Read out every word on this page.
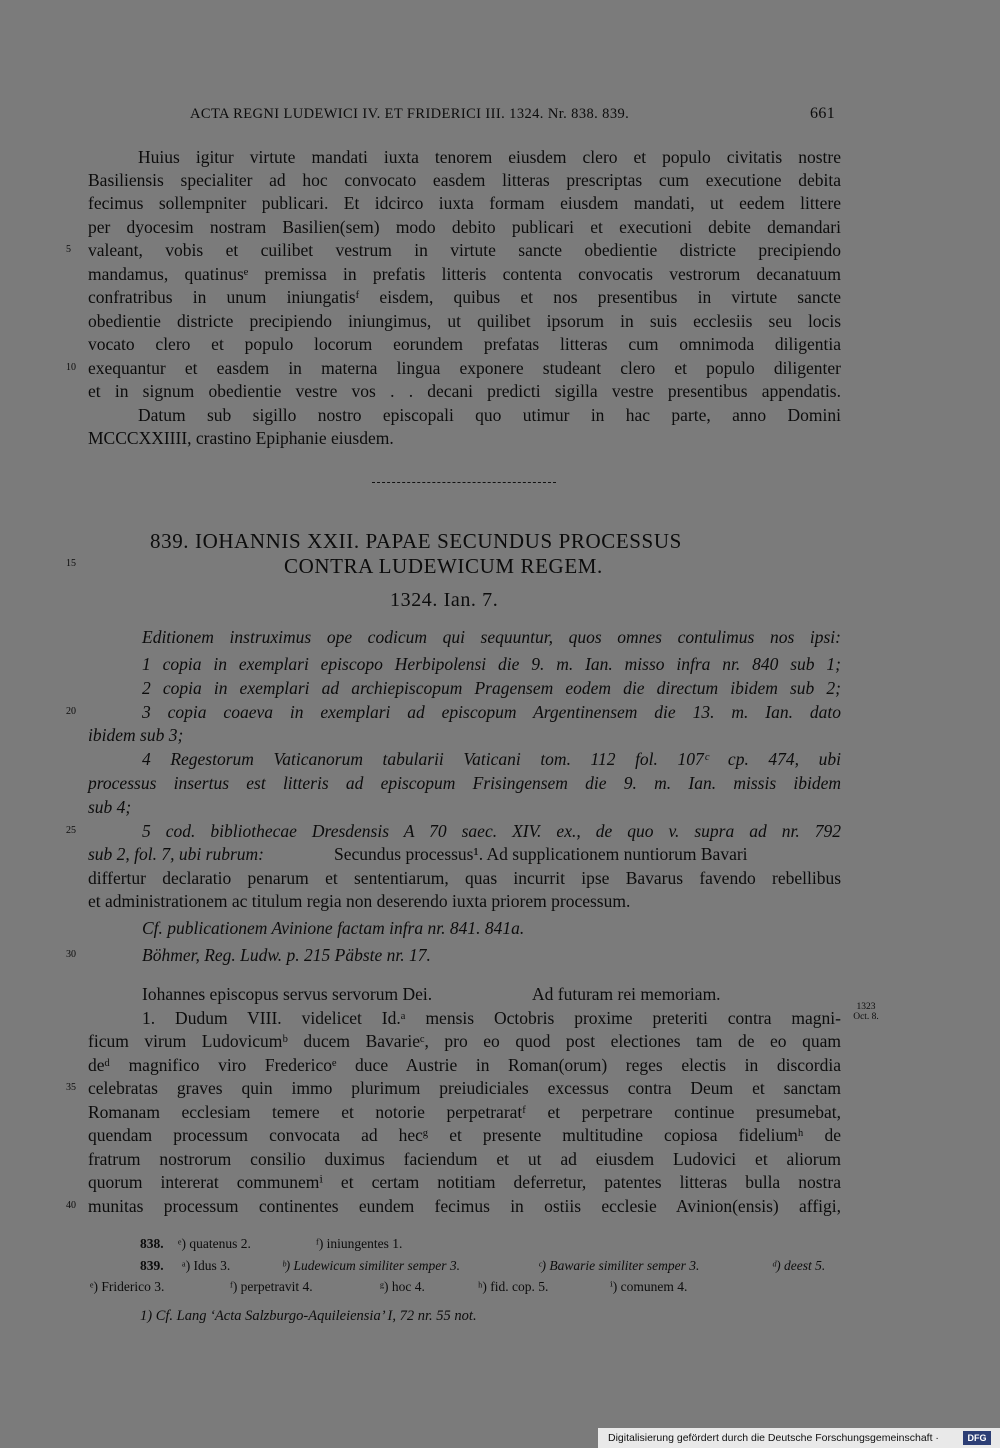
ACTA REGNI LUDEWICI IV. ET FRIDERICI III. 1324. Nr. 838. 839.	661
Huius igitur virtute mandati iuxta tenorem eiusdem clero et populo civitatis nostre
Basiliensis specialiter ad hoc convocato easdem litteras prescriptas cum executione debita
fecimus sollempniter publicari. Et idcirco iuxta formam eiusdem mandati, ut eedem littere
per dyocesim nostram Basilien(sem) modo debito publicari et executioni debite demandari
valeant, vobis et cuilibet vestrum in virtute sancte obedientie districte precipiendo
mandamus, quatinusᵉ premissa in prefatis litteris contenta convocatis vestrorum decanatuum
confratribus in unum iniungatisᶠ eisdem, quibus et nos presentibus in virtute sancte
obedientie districte precipiendo iniungimus, ut quilibet ipsorum in suis ecclesiis seu locis
vocato clero et populo locorum eorundem prefatas litteras cum omnimoda diligentia
exequantur et easdem in materna lingua exponere studeant clero et populo diligenter
et in signum obedientie vestre vos . . decani predicti sigilla vestre presentibus appendatis.
Datum sub sigillo nostro episcopali quo utimur in hac parte, anno Domini
MCCCXXIIII, crastino Epiphanie eiusdem.
839. IOHANNIS XXII. PAPAE SECUNDUS PROCESSUS
CONTRA LUDEWICUM REGEM.
1324. Ian. 7.
Editionem instruximus ope codicum qui sequuntur, quos omnes contulimus nos ipsi:
1 copia in exemplari episcopo Herbipolensi die 9. m. Ian. misso infra nr. 840 sub 1;
2 copia in exemplari ad archiepiscopum Pragensem eodem die directum ibidem sub 2;
3 copia coaeva in exemplari ad episcopum Argentinensem die 13. m. Ian. dato
ibidem sub 3;
4 Regestorum Vaticanorum tabularii Vaticani tom. 112 fol. 107ᶜ cp. 474, ubi
processus insertus est litteris ad episcopum Frisingensem die 9. m. Ian. missis ibidem
sub 4;
5 cod. bibliothecae Dresdensis A 70 saec. XIV. ex., de quo v. supra ad nr. 792
sub 2, fol. 7, ubi rubrum:	Secundus processus¹. Ad supplicationem nuntiorum Bavari
differtur declaratio penarum et sententiarum, quas incurrit ipse Bavarus favendo rebellibus
et administrationem ac titulum regia non deserendo iuxta priorem processum.
Cf. publicationem Avinione factam infra nr. 841. 841a.
Böhmer, Reg. Ludw. p. 215 Päbste nr. 17.
Iohannes episcopus servus servorum Dei.	Ad futuram rei memoriam.
1. Dudum VIII. videlicet Id.ᵃ mensis Octobris proxime preteriti contra magni-
ficum virum Ludovicumᵇ ducem Bavarieᶜ, pro eo quod post electiones tam de eo quam
deᵈ magnifico viro Fredericoᵉ duce Austrie in Roman(orum) reges electis in discordia
celebratas graves quin immo plurimum preiudiciales excessus contra Deum et sanctam
Romanam ecclesiam temere et notorie perpetraratᶠ et perpetrare continue presumebat,
quendam processum convocata ad hecᵍ et presente multitudine copiosa fideliumʰ de
fratrum nostrorum consilio duximus faciendum et ut ad eiusdem Ludovici et aliorum
quorum intererat communemⁱ et certam notitiam deferretur, patentes litteras bulla nostra
munitas processum continentes eundem fecimus in ostiis ecclesie Avinion(ensis) affigi,
1323
Oct. 8.
5
10
15
20
25
30
35
40
838. ᵉ) quatenus 2.	ᶠ) iniungentes 1.
839. ᵃ) Idus 3.	ᵇ) Ludewicum similiter semper 3.	ᶜ) Bawarie similiter semper 3.	ᵈ) deest 5.
ᵉ) Friderico 3.	ᶠ) perpetravit 4.	ᵍ) hoc 4.	ʰ) fid. cop. 5.	ⁱ) comunem 4.
1) Cf. Lang ‘Acta Salzburgo-Aquileiensia’ I, 72 nr. 55 not.
Digitalisierung gefördert durch die Deutsche Forschungsgemeinschaft ·	DFG
